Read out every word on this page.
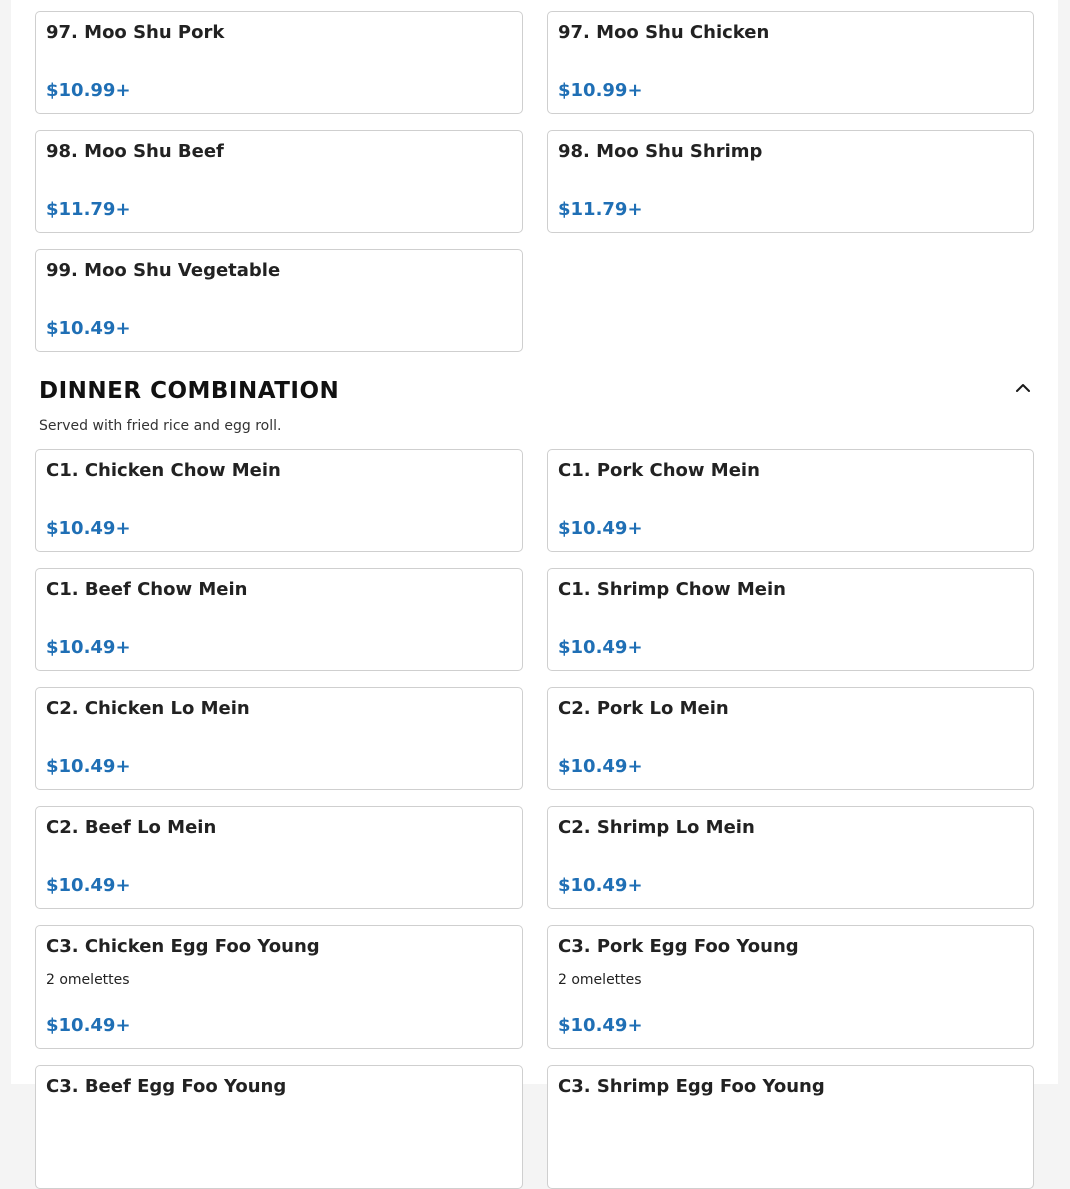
97. Moo Shu Pork
$10.99+
97. Moo Shu Chicken
$10.99+
98. Moo Shu Beef
$11.79+
98. Moo Shu Shrimp
$11.79+
99. Moo Shu Vegetable
$10.49+
DINNER COMBINATION
Served with fried rice and egg roll.
C1. Chicken Chow Mein
$10.49+
C1. Pork Chow Mein
$10.49+
C1. Beef Chow Mein
$10.49+
C1. Shrimp Chow Mein
$10.49+
C2. Chicken Lo Mein
$10.49+
C2. Pork Lo Mein
$10.49+
C2. Beef Lo Mein
$10.49+
C2. Shrimp Lo Mein
$10.49+
C3. Chicken Egg Foo Young
2 omelettes
$10.49+
C3. Pork Egg Foo Young
2 omelettes
$10.49+
C3. Beef Egg Foo Young	C3. Shrimp Egg Foo Young
